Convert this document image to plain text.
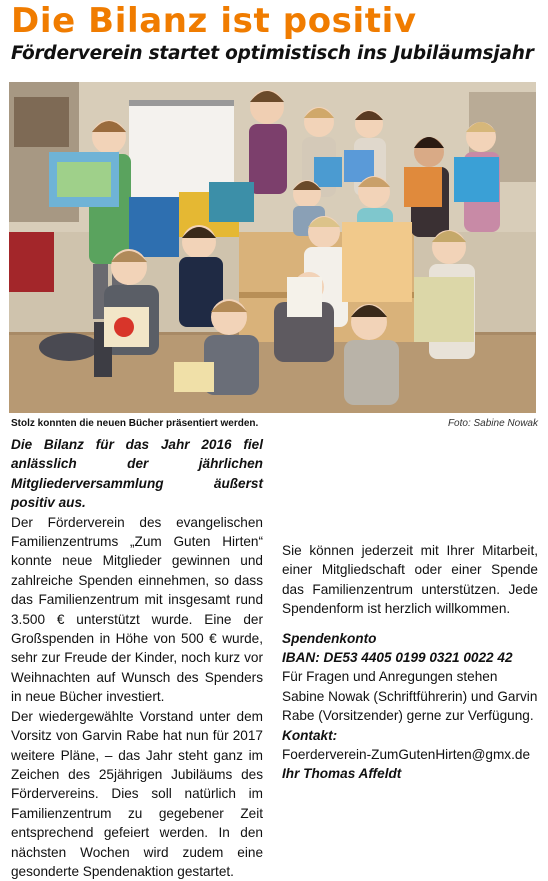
Die Bilanz ist positiv
Förderverein startet optimistisch ins Jubiläumsjahr
Stolz konnten die neuen Bücher präsentiert werden.	Foto: Sabine Nowak

Die Bilanz für das Jahr 2016 fiel anlässlich der jährlichen Mitgliederversammlung äußerst positiv aus.

Der Förderverein des evangelischen Familienzentrums „Zum Guten Hirten“ konnte neue Mitglieder gewinnen und zahlreiche Spenden einnehmen, so dass das Familienzentrum mit insgesamt rund 3.500 € unterstützt wurde. Eine der Großspenden in Höhe von 500 € wurde, sehr zur Freude der Kinder, noch kurz vor Weihnachten auf Wunsch des Spenders in neue Bücher investiert.

Der wiedergewählte Vorstand unter dem Vorsitz von Garvin Rabe hat nun für 2017 weitere Pläne, – das Jahr steht ganz im Zeichen des 25jährigen Jubiläums des Fördervereins. Dies soll natürlich im Familienzentrum zu gegebener Zeit entsprechend gefeiert werden. In den nächsten Wochen wird zudem eine gesonderte Spendenaktion gestartet.

Sie können jederzeit mit Ihrer Mitarbeit, einer Mitgliedschaft oder einer Spende das Familienzentrum unterstützen. Jede Spendenform ist herzlich willkommen.

Spendenkonto

IBAN: DE53 4405 0199 0321 0022 42

Für Fragen und Anregungen stehen Sabine Nowak (Schriftführerin) und Garvin Rabe (Vorsitzender) gerne zur Verfügung.

Kontakt:

Foerderverein-ZumGutenHirten@gmx.de

Ihr Thomas Affeldt
